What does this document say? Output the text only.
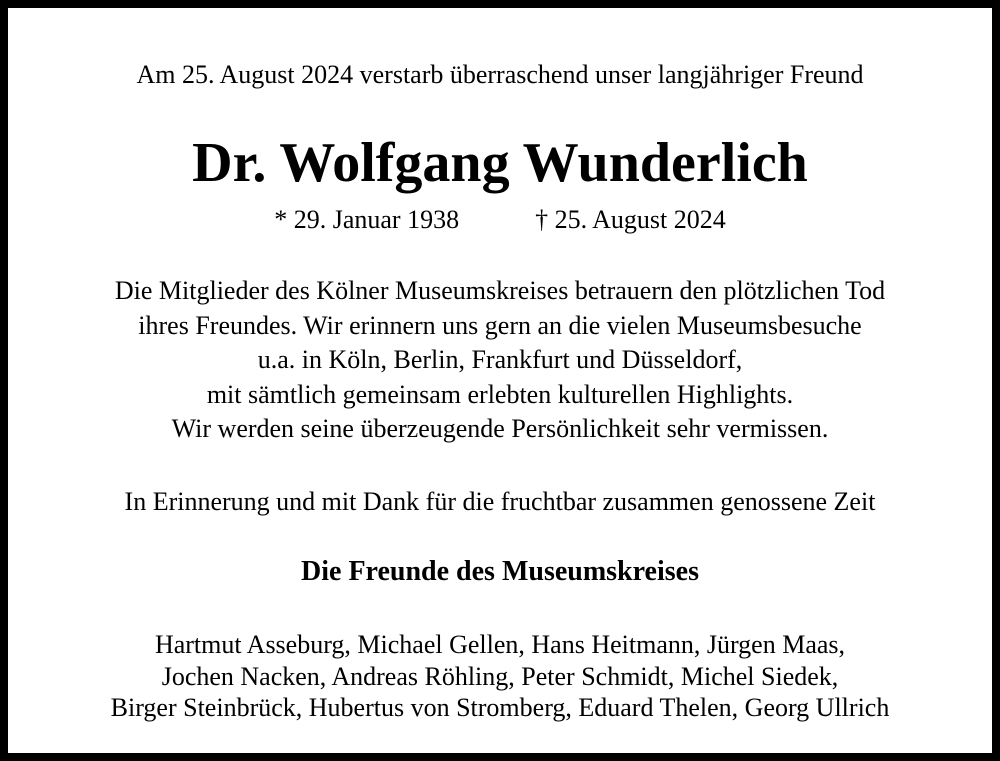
Am 25. August 2024 verstarb überraschend unser langjähriger Freund
Dr. Wolfgang Wunderlich
* 29. Januar 1938	† 25. August 2024
Die Mitglieder des Kölner Museumskreises betrauern den plötzlichen Tod
ihres Freundes. Wir erinnern uns gern an die vielen Museumsbesuche
u.a. in Köln, Berlin, Frankfurt und Düsseldorf,
mit sämtlich gemeinsam erlebten kulturellen Highlights.
Wir werden seine überzeugende Persönlichkeit sehr vermissen.
In Erinnerung und mit Dank für die fruchtbar zusammen genossene Zeit
Die Freunde des Museumskreises
Hartmut Asseburg, Michael Gellen, Hans Heitmann, Jürgen Maas,
Jochen Nacken, Andreas Röhling, Peter Schmidt, Michel Siedek,
Birger Steinbrück, Hubertus von Stromberg, Eduard Thelen, Georg Ullrich
